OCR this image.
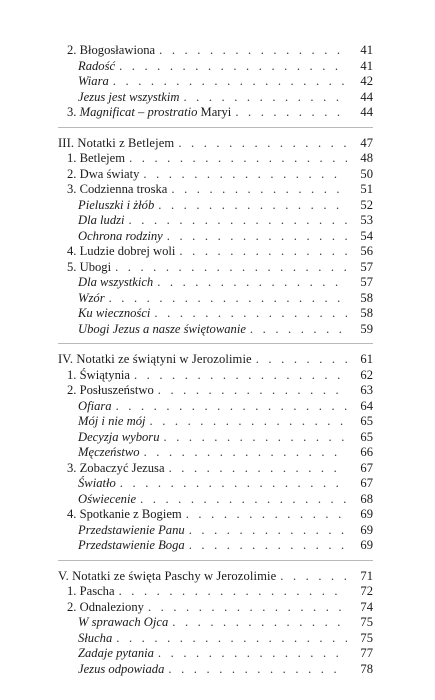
2. Błogosławiona . . .	41
Radość . . .	41
Wiara . . .	42
Jezus jest wszystkim . . .	44
3. Magnificat – prostratio Maryi . . .	44
III. Notatki z Betlejem . . .	47
1. Betlejem . . .	48
2. Dwa światy . . .	50
3. Codzienna troska . . .	51
Pieluszki i żłób . . .	52
Dla ludzi . . .	53
Ochrona rodziny . . .	54
4. Ludzie dobrej woli . . .	56
5. Ubogi . . .	57
Dla wszystkich . . .	57
Wzór . . .	58
Ku wieczności . . .	58
Ubogi Jezus a nasze świętowanie . . .	59
IV. Notatki ze świątyni w Jerozolimie . . .	61
1. Świątynia . . .	62
2. Posłuszeństwo . . .	63
Ofiara . . .	64
Mój i nie mój . . .	65
Decyzja wyboru . . .	65
Męczeństwo . . .	66
3. Zobaczyć Jezusa . . .	67
Światło . . .	67
Oświecenie . . .	68
4. Spotkanie z Bogiem . . .	69
Przedstawienie Panu . . .	69
Przedstawienie Boga . . .	69
V. Notatki ze święta Paschy w Jerozolimie . . .	71
1. Pascha . . .	72
2. Odnaleziony . . .	74
W sprawach Ojca . . .	75
Słucha . . .	75
Zadaje pytania . . .	77
Jezus odpowiada . . .	78
